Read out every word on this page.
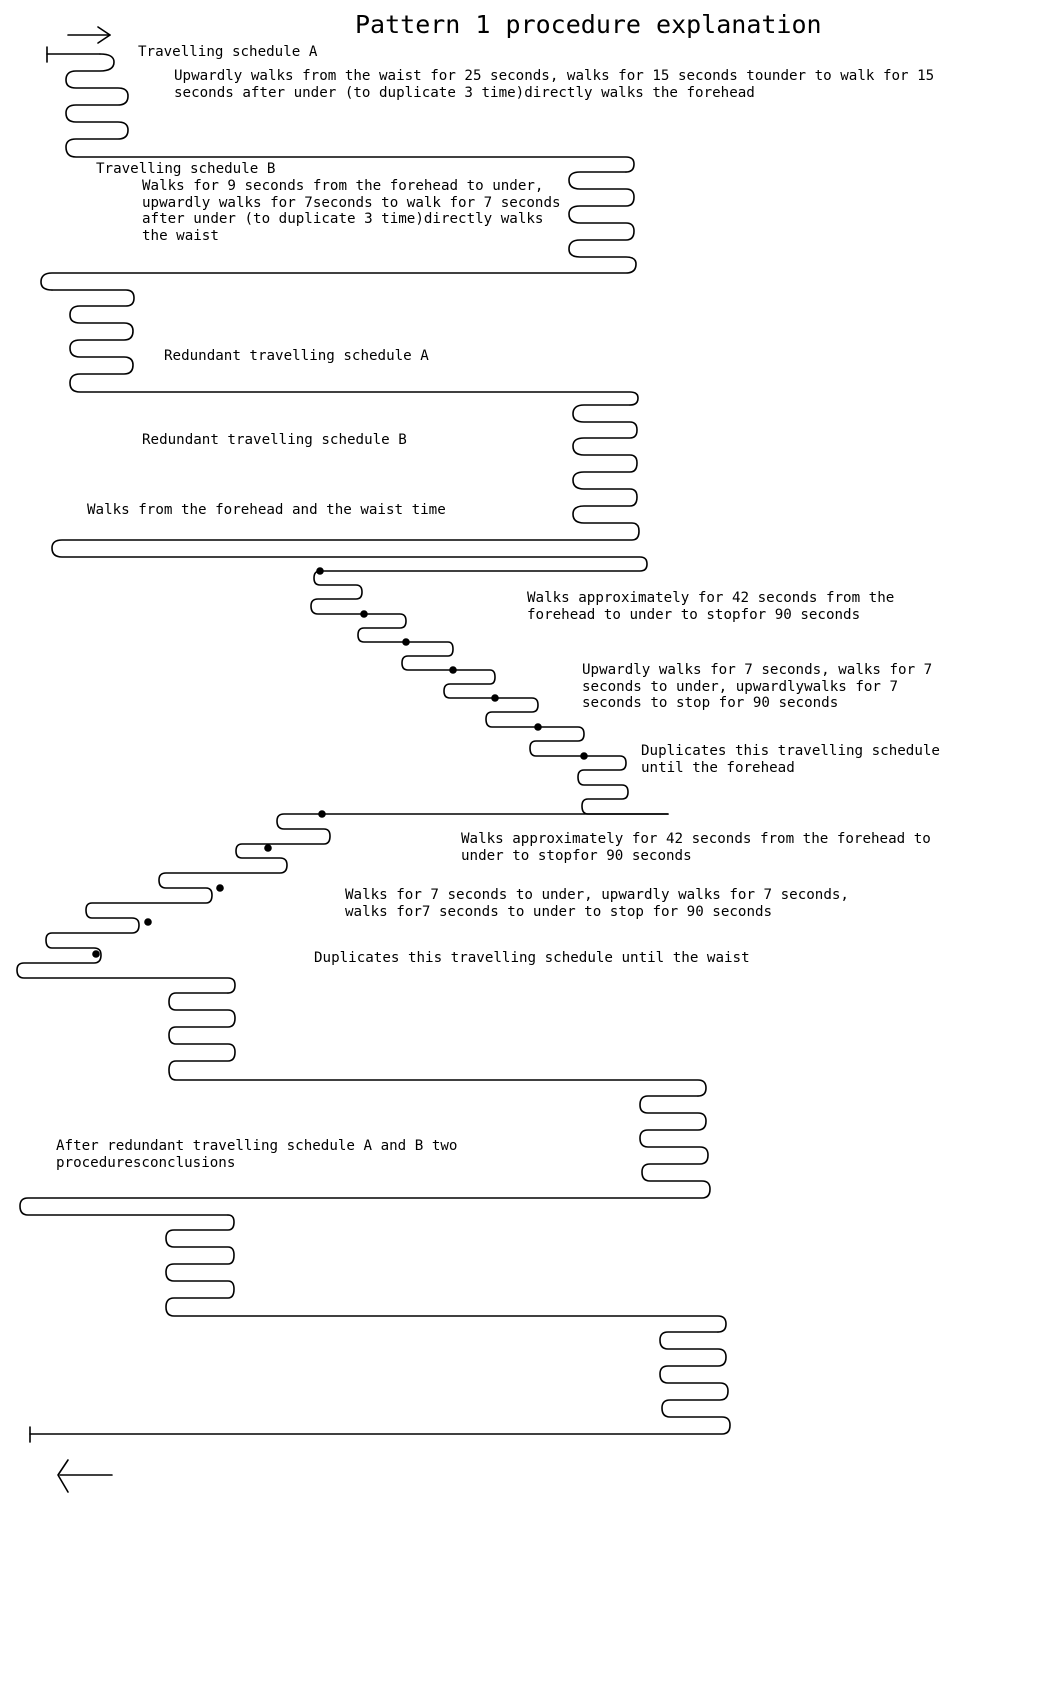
Pattern 1 procedure explanation
Travelling schedule A
Upwardly walks from the waist for 25 seconds, walks for 15 seconds tounder to walk for 15
seconds after under (to duplicate 3 time)directly walks the forehead
Travelling schedule B
Walks for 9 seconds from the forehead to under,
upwardly walks for 7seconds to walk for 7 seconds
after under (to duplicate 3 time)directly walks
the waist
Redundant travelling schedule A
Redundant travelling schedule B
Walks from the forehead and the waist time
Walks approximately for 42 seconds from the
forehead to under to stopfor 90 seconds
Upwardly walks for 7 seconds, walks for 7
seconds to under, upwardlywalks for 7
seconds to stop for 90 seconds
Duplicates this travelling schedule
until the forehead
Walks approximately for 42 seconds from the forehead to
under to stopfor 90 seconds
Walks for 7 seconds to under, upwardly walks for 7 seconds,
walks for7 seconds to under to stop for 90 seconds
Duplicates this travelling schedule until the waist
After redundant travelling schedule A and B two
proceduresconclusions
